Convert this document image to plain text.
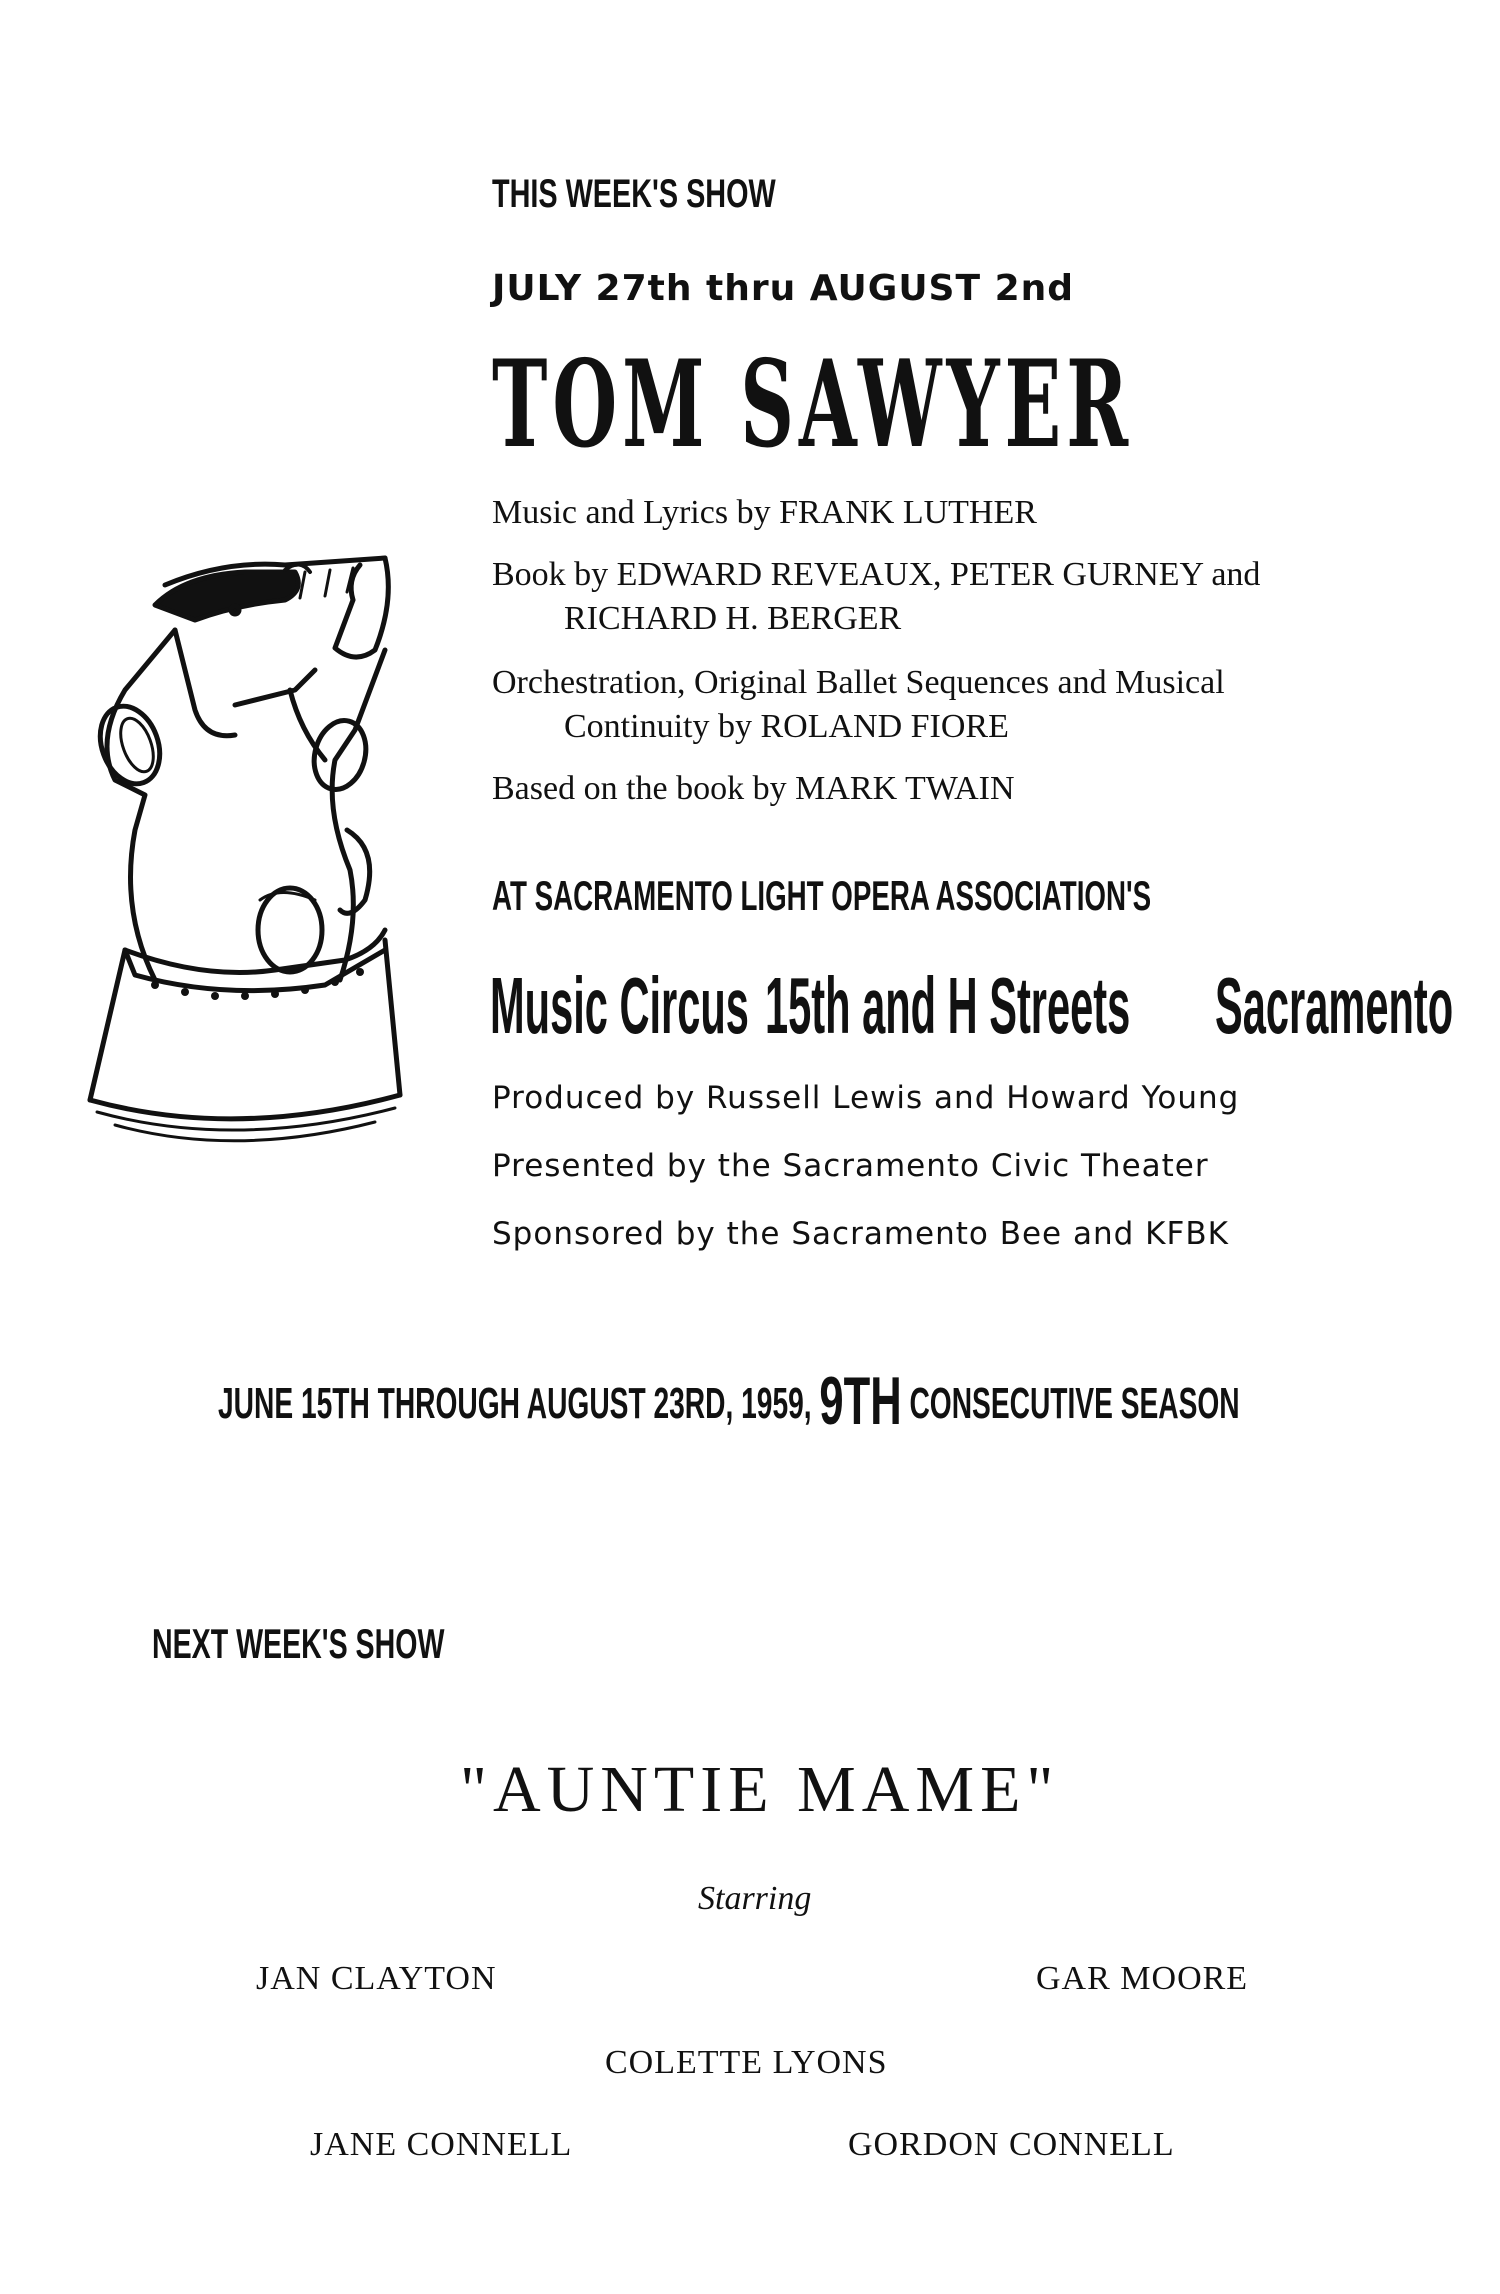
THIS WEEK'S SHOW
JULY 27th thru AUGUST 2nd
TOM SAWYER
Music and Lyrics by FRANK LUTHER
Book by EDWARD REVEAUX, PETER GURNEY and
RICHARD H. BERGER
Orchestration, Original Ballet Sequences and Musical
Continuity by ROLAND FIORE
Based on the book by MARK TWAIN
AT SACRAMENTO LIGHT OPERA ASSOCIATION'S
Music Circus 15th and H Streets Sacramento
Produced by Russell Lewis and Howard Young
Presented by the Sacramento Civic Theater
Sponsored by the Sacramento Bee and KFBK
JUNE 15TH THROUGH AUGUST 23RD, 1959, 9TH CONSECUTIVE SEASON
NEXT WEEK'S SHOW
"AUNTIE MAME"
Starring
JAN CLAYTON	GAR MOORE
COLETTE LYONS
JANE CONNELL	GORDON CONNELL
